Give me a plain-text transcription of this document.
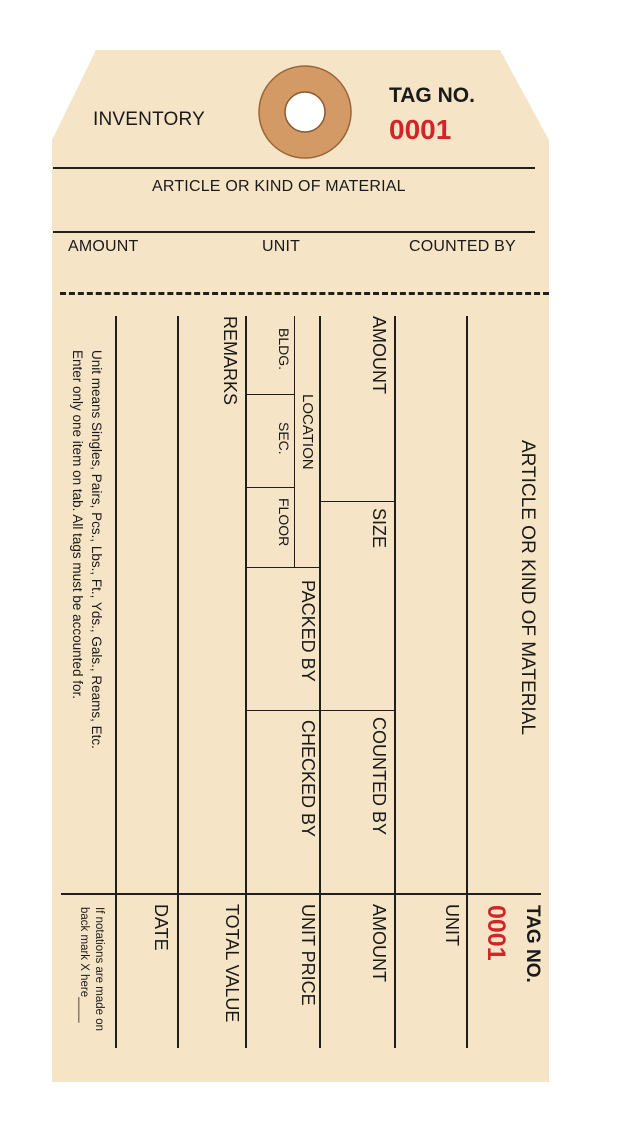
INVENTORY
TAG NO.
0001
ARTICLE OR KIND OF MATERIAL
AMOUNT	UNIT	COUNTED BY
ARTICLE OR KIND OF MATERIAL
AMOUNT
SIZE
COUNTED BY
PACKED BY
CHECKED BY
LOCATION
BLDG.
SEC.
FLOOR
REMARKS
Unit means Singles, Pairs, Pcs., Lbs., Ft., Yds., Gals., Reams, Etc.
Enter only one item on tab. All tags must be accounted for.
TAG NO.
0001
UNIT
AMOUNT
UNIT PRICE
TOTAL VALUE
DATE
If notations are made on
back mark X here____
